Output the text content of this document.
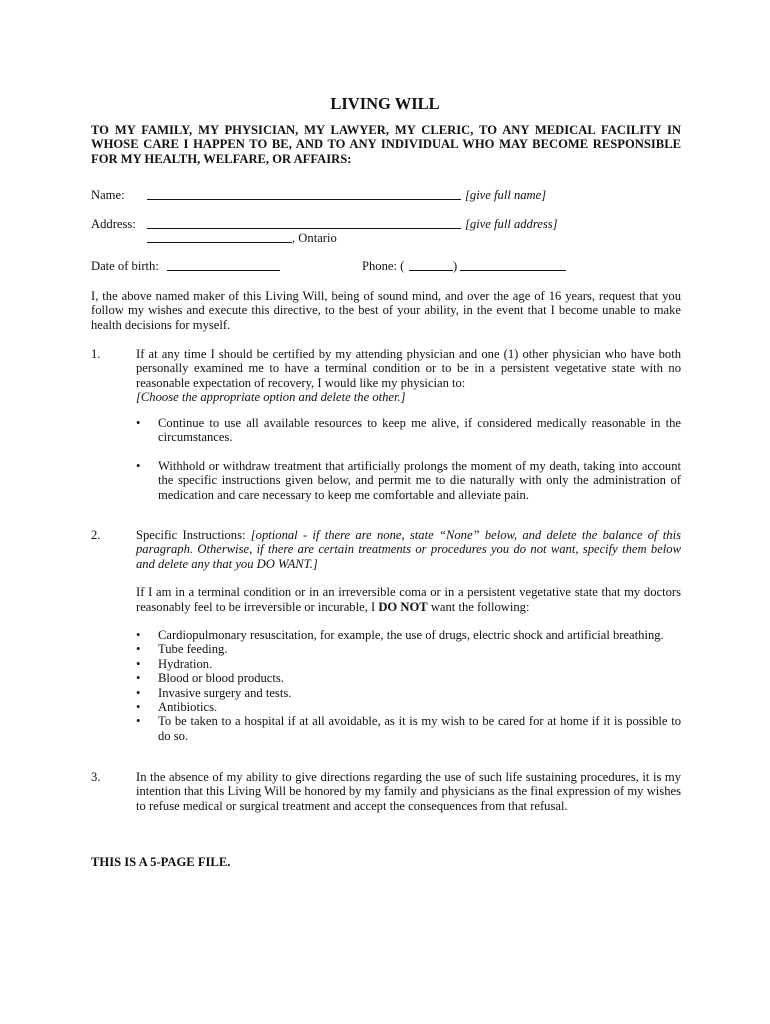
LIVING WILL
TO MY FAMILY, MY PHYSICIAN, MY LAWYER, MY CLERIC, TO ANY MEDICAL FACILITY IN WHOSE CARE I HAPPEN TO BE, AND TO ANY INDIVIDUAL WHO MAY BECOME RESPONSIBLE FOR MY HEALTH, WELFARE, OR AFFAIRS:
Name:	[give full name]
Address:	[give full address]
, Ontario
Date of birth:	Phone: (	)
I, the above named maker of this Living Will, being of sound mind, and over the age of 16 years, request that you follow my wishes and execute this directive, to the best of your ability, in the event that I become unable to make health decisions for myself.
1.	If at any time I should be certified by my attending physician and one (1) other physician who have both personally examined me to have a terminal condition or to be in a persistent vegetative state with no reasonable expectation of recovery, I would like my physician to:

[Choose the appropriate option and delete the other.]

• Continue to use all available resources to keep me alive, if considered medically reasonable in the circumstances.
• Withhold or withdraw treatment that artificially prolongs the moment of my death, taking into account the specific instructions given below, and permit me to die naturally with only the administration of medication and care necessary to keep me comfortable and alleviate pain.
2.	Specific Instructions: [optional - if there are none, state “None” below, and delete the balance of this paragraph. Otherwise, if there are certain treatments or procedures you do not want, specify them below and delete any that you DO WANT.]

If I am in a terminal condition or in an irreversible coma or in a persistent vegetative state that my doctors reasonably feel to be irreversible or incurable, I DO NOT want the following:

• Cardiopulmonary resuscitation, for example, the use of drugs, electric shock and artificial breathing.
• Tube feeding.
• Hydration.
• Blood or blood products.
• Invasive surgery and tests.
• Antibiotics.
• To be taken to a hospital if at all avoidable, as it is my wish to be cared for at home if it is possible to do so.
3.	In the absence of my ability to give directions regarding the use of such life sustaining procedures, it is my intention that this Living Will be honored by my family and physicians as the final expression of my wishes to refuse medical or surgical treatment and accept the consequences from that refusal.
THIS IS A 5-PAGE FILE.
